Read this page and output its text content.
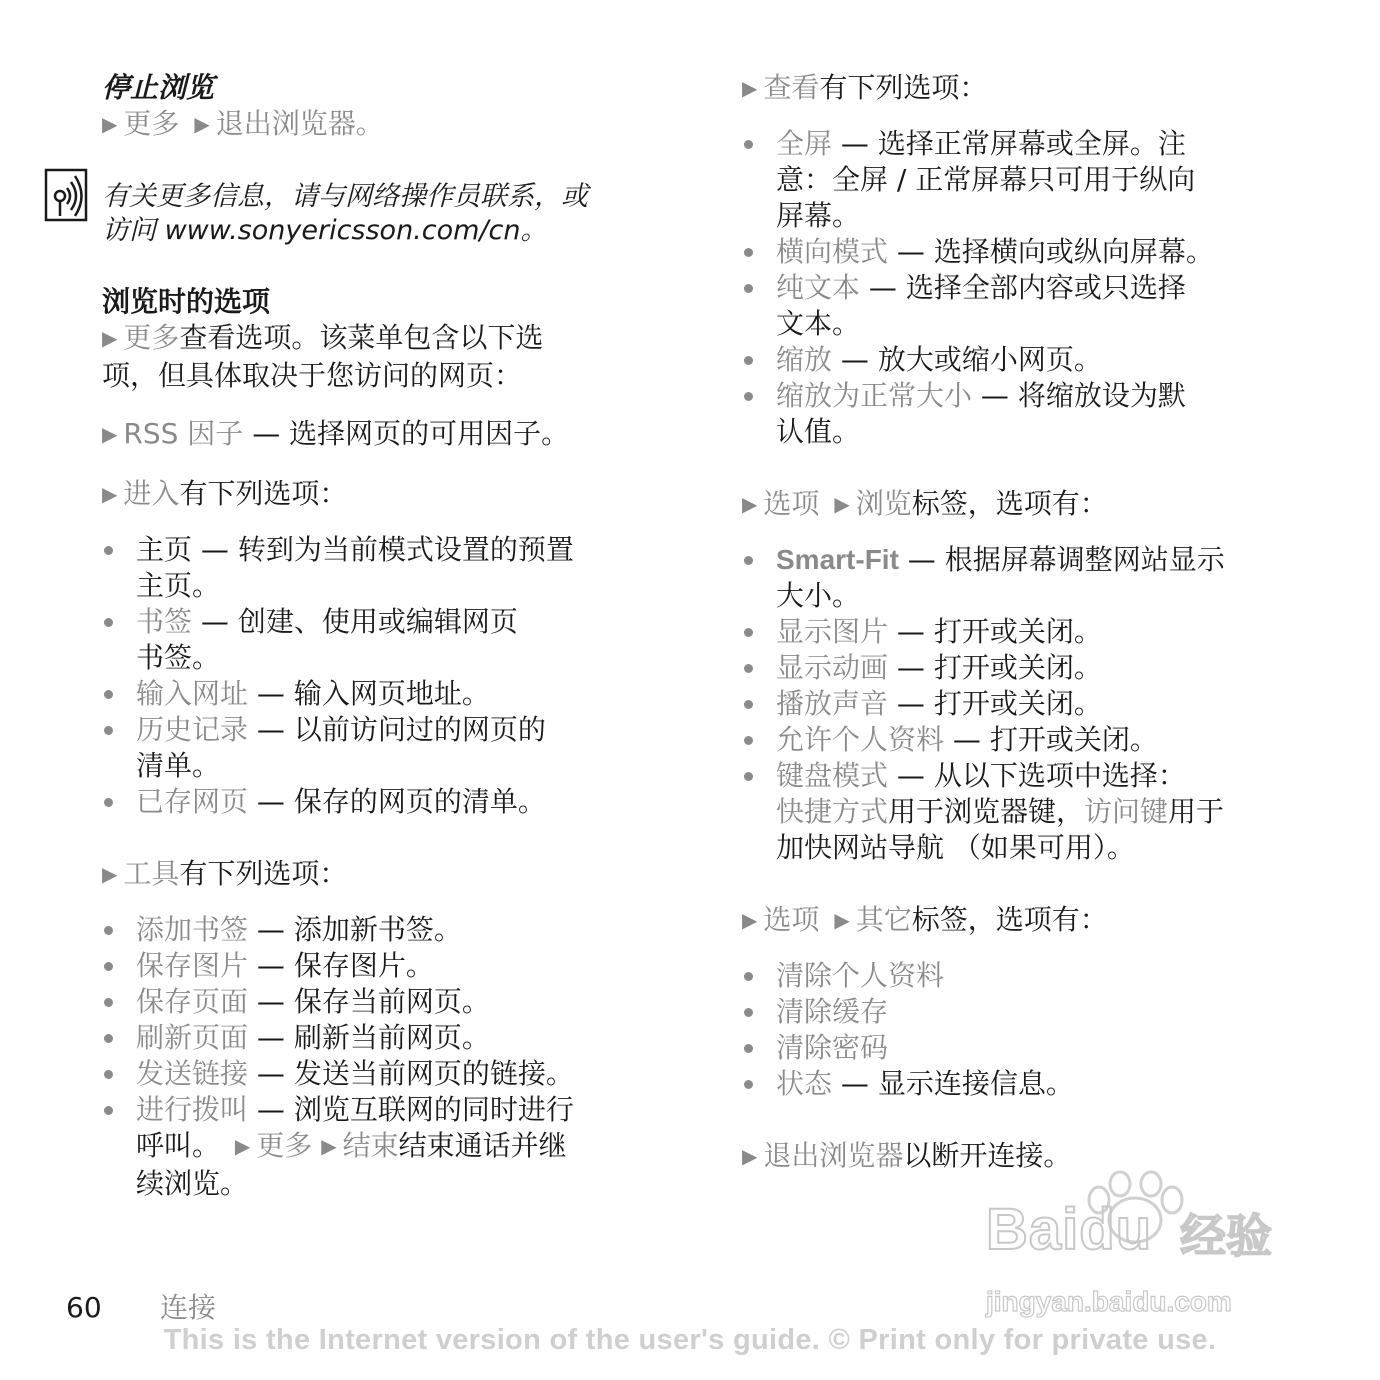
停止浏览

▶ 更多 ▶ 退出浏览器。

有关更多信息，请与网络操作员联系，或

访问 www.sonyericsson.com/cn。

浏览时的选项

▶ 更多查看选项。该菜单包含以下选

项，但具体取决于您访问的网页：

▶ RSS 因子 — 选择网页的可用因子。

▶ 进入有下列选项：

主页 — 转到为当前模式设置的预置
主页。
书签 — 创建、使用或编辑网页
书签。
输入网址 — 输入网页地址。
历史记录 — 以前访问过的网页的
清单。
已存网页 — 保存的网页的清单。

▶ 工具有下列选项：

添加书签 — 添加新书签。
保存图片 — 保存图片。
保存页面 — 保存当前网页。
刷新页面 — 刷新当前网页。
发送链接 — 发送当前网页的链接。
进行拨叫 — 浏览互联网的同时进行
呼叫。 ▶ 更多 ▶ 结束结束通话并继
续浏览。

▶ 查看有下列选项：

全屏 — 选择正常屏幕或全屏。注
意：全屏 / 正常屏幕只可用于纵向
屏幕。
横向模式 — 选择横向或纵向屏幕。
纯文本 — 选择全部内容或只选择
文本。
缩放 — 放大或缩小网页。
缩放为正常大小 — 将缩放设为默
认值。

▶ 选项 ▶ 浏览标签，选项有：

Smart-Fit — 根据屏幕调整网站显示
大小。
显示图片 — 打开或关闭。
显示动画 — 打开或关闭。
播放声音 — 打开或关闭。
允许个人资料 — 打开或关闭。
键盘模式 — 从以下选项中选择：
快捷方式用于浏览器键，访问键用于
加快网站导航 （如果可用）。

▶ 选项 ▶ 其它标签，选项有：

清除个人资料
清除缓存
清除密码
状态 — 显示连接信息。

▶ 退出浏览器以断开连接。

Baidu 经验
jingyan.baidu.com
60 连接
This is the Internet version of the user's guide. © Print only for private use.
